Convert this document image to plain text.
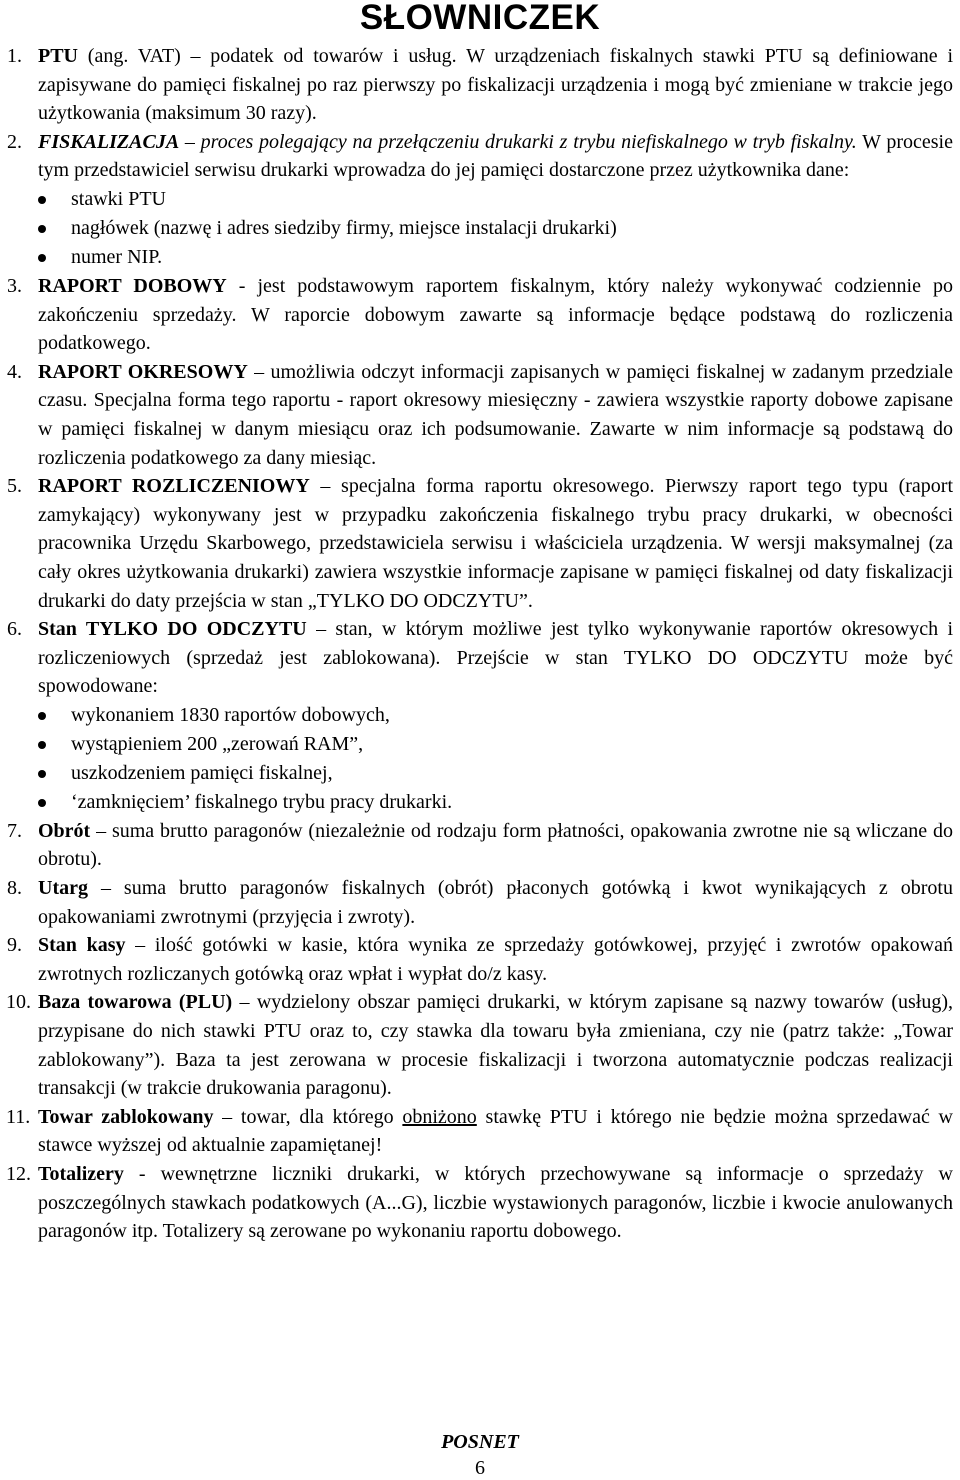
SŁOWNICZEK
1. PTU (ang. VAT) – podatek od towarów i usług. W urządzeniach fiskalnych stawki PTU są definiowane i zapisywane do pamięci fiskalnej po raz pierwszy po fiskalizacji urządzenia i mogą być zmieniane w trakcie jego użytkowania (maksimum 30 razy).
2. FISKALIZACJA – proces polegający na przełączeniu drukarki z trybu niefiskalnego w tryb fiskalny. W procesie tym przedstawiciel serwisu drukarki wprowadza do jej pamięci dostarczone przez użytkownika dane:
stawki PTU
nagłówek (nazwę i adres siedziby firmy, miejsce instalacji drukarki)
numer NIP.
3. RAPORT DOBOWY - jest podstawowym raportem fiskalnym, który należy wykonywać codziennie po zakończeniu sprzedaży. W raporcie dobowym zawarte są informacje będące podstawą do rozliczenia podatkowego.
4. RAPORT OKRESOWY – umożliwia odczyt informacji zapisanych w pamięci fiskalnej w zadanym przedziale czasu. Specjalna forma tego raportu - raport okresowy miesięczny - zawiera wszystkie raporty dobowe zapisane w pamięci fiskalnej w danym miesiącu oraz ich podsumowanie. Zawarte w nim informacje są podstawą do rozliczenia podatkowego za dany miesiąc.
5. RAPORT ROZLICZENIOWY – specjalna forma raportu okresowego. Pierwszy raport tego typu (raport zamykający) wykonywany jest w przypadku zakończenia fiskalnego trybu pracy drukarki, w obecności pracownika Urzędu Skarbowego, przedstawiciela serwisu i właściciela urządzenia. W wersji maksymalnej (za cały okres użytkowania drukarki) zawiera wszystkie informacje zapisane w pamięci fiskalnej od daty fiskalizacji drukarki do daty przejścia w stan „TYLKO DO ODCZYTU”.
6. Stan TYLKO DO ODCZYTU – stan, w którym możliwe jest tylko wykonywanie raportów okresowych i rozliczeniowych (sprzedaż jest zablokowana). Przejście w stan TYLKO DO ODCZYTU może być spowodowane:
wykonaniem 1830 raportów dobowych,
wystąpieniem 200 „zerowań RAM”,
uszkodzeniem pamięci fiskalnej,
‘zamknięciem’ fiskalnego trybu pracy drukarki.
7. Obrót – suma brutto paragonów (niezależnie od rodzaju form płatności, opakowania zwrotne nie są wliczane do obrotu).
8. Utarg – suma brutto paragonów fiskalnych (obrót) płaconych gotówką i kwot wynikających z obrotu opakowaniami zwrotnymi (przyjęcia i zwroty).
9. Stan kasy – ilość gotówki w kasie, która wynika ze sprzedaży gotówkowej, przyjęć i zwrotów opakowań zwrotnych rozliczanych gotówką oraz wpłat i wypłat do/z kasy.
10. Baza towarowa (PLU) – wydzielony obszar pamięci drukarki, w którym zapisane są nazwy towarów (usług), przypisane do nich stawki PTU oraz to, czy stawka dla towaru była zmieniana, czy nie (patrz także: „Towar zablokowany”). Baza ta jest zerowana w procesie fiskalizacji i tworzona automatycznie podczas realizacji transakcji (w trakcie drukowania paragonu).
11. Towar zablokowany – towar, dla którego obniżono stawkę PTU i którego nie będzie można sprzedawać w stawce wyższej od aktualnie zapamiętanej!
12. Totalizery - wewnętrzne liczniki drukarki, w których przechowywane są informacje o sprzedaży w poszczególnych stawkach podatkowych (A...G), liczbie wystawionych paragonów, liczbie i kwocie anulowanych paragonów itp. Totalizery są zerowane po wykonaniu raportu dobowego.
POSNET
6
